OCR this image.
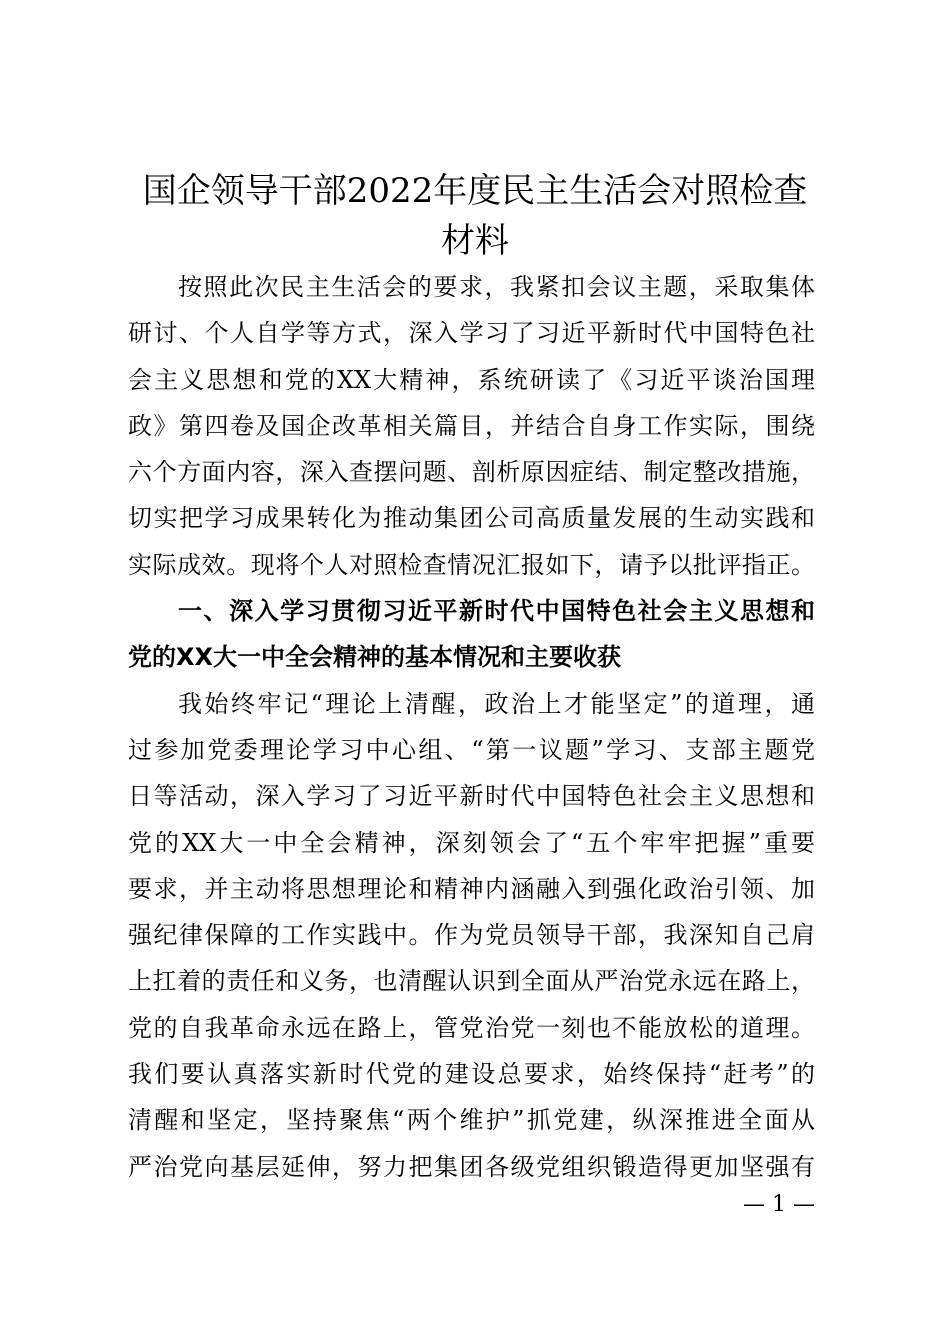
国企领导干部2022年度民主生活会对照检查
材料
按照此次民主生活会的要求，我紧扣会议主题，采取集体
研讨、个人自学等方式，深入学习了习近平新时代中国特色社
会主义思想和党的XX大精神，系统研读了《习近平谈治国理
政》第四卷及国企改革相关篇目，并结合自身工作实际，围绕
六个方面内容，深入查摆问题、剖析原因症结、制定整改措施，
切实把学习成果转化为推动集团公司高质量发展的生动实践和
实际成效。现将个人对照检查情况汇报如下，请予以批评指正。
一、深入学习贯彻习近平新时代中国特色社会主义思想和
党的XX大一中全会精神的基本情况和主要收获
我始终牢记“理论上清醒，政治上才能坚定”的道理，通
过参加党委理论学习中心组、“第一议题”学习、支部主题党
日等活动，深入学习了习近平新时代中国特色社会主义思想和
党的XX大一中全会精神，深刻领会了“五个牢牢把握”重要
要求，并主动将思想理论和精神内涵融入到强化政治引领、加
强纪律保障的工作实践中。作为党员领导干部，我深知自己肩
上扛着的责任和义务，也清醒认识到全面从严治党永远在路上，
党的自我革命永远在路上，管党治党一刻也不能放松的道理。
我们要认真落实新时代党的建设总要求，始终保持“赶考”的
清醒和坚定，坚持聚焦“两个维护”抓党建，纵深推进全面从
严治党向基层延伸，努力把集团各级党组织锻造得更加坚强有
— 1 —
